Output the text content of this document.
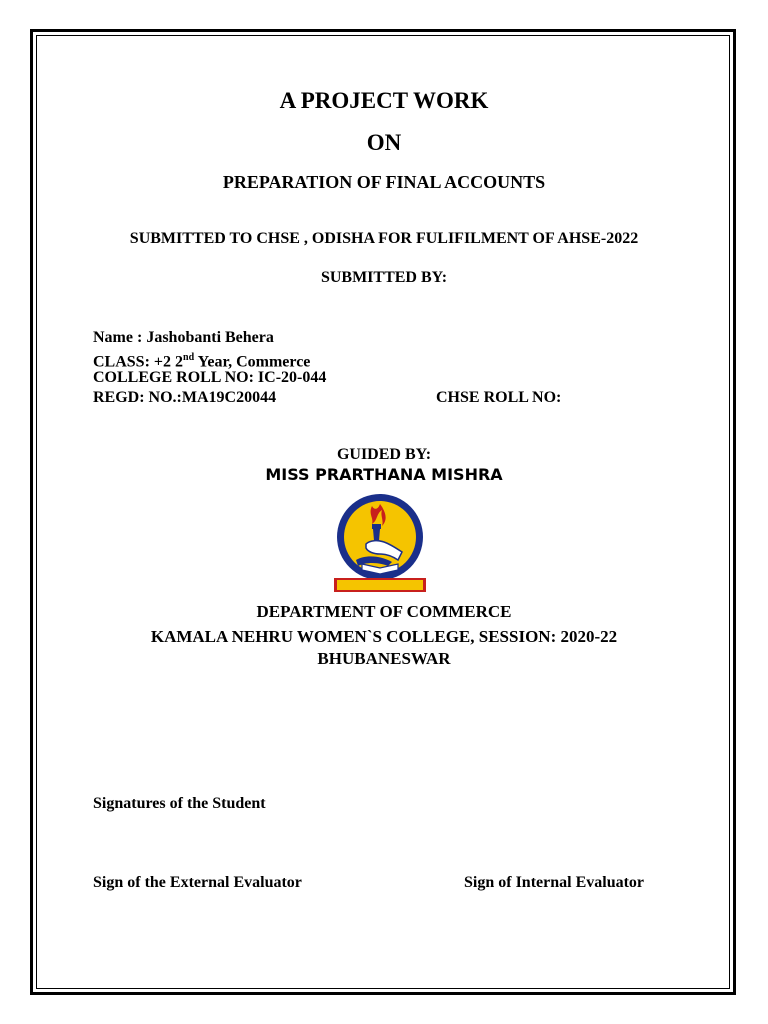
A PROJECT WORK
ON
PREPARATION OF FINAL ACCOUNTS
SUBMITTED TO CHSE , ODISHA FOR FULIFILMENT OF AHSE-2022
SUBMITTED BY:
Name : Jashobanti Behera
CLASS: +2 2nd Year, Commerce
COLLEGE ROLL NO: IC-20-044
REGD: NO.:MA19C20044	CHSE ROLL NO:
GUIDED BY:
MISS PRARTHANA MISHRA
DEPARTMENT OF COMMERCE
KAMALA NEHRU WOMEN`S COLLEGE, SESSION: 2020-22
BHUBANESWAR
Signatures of the Student
Sign of the External Evaluator	Sign of Internal Evaluator
